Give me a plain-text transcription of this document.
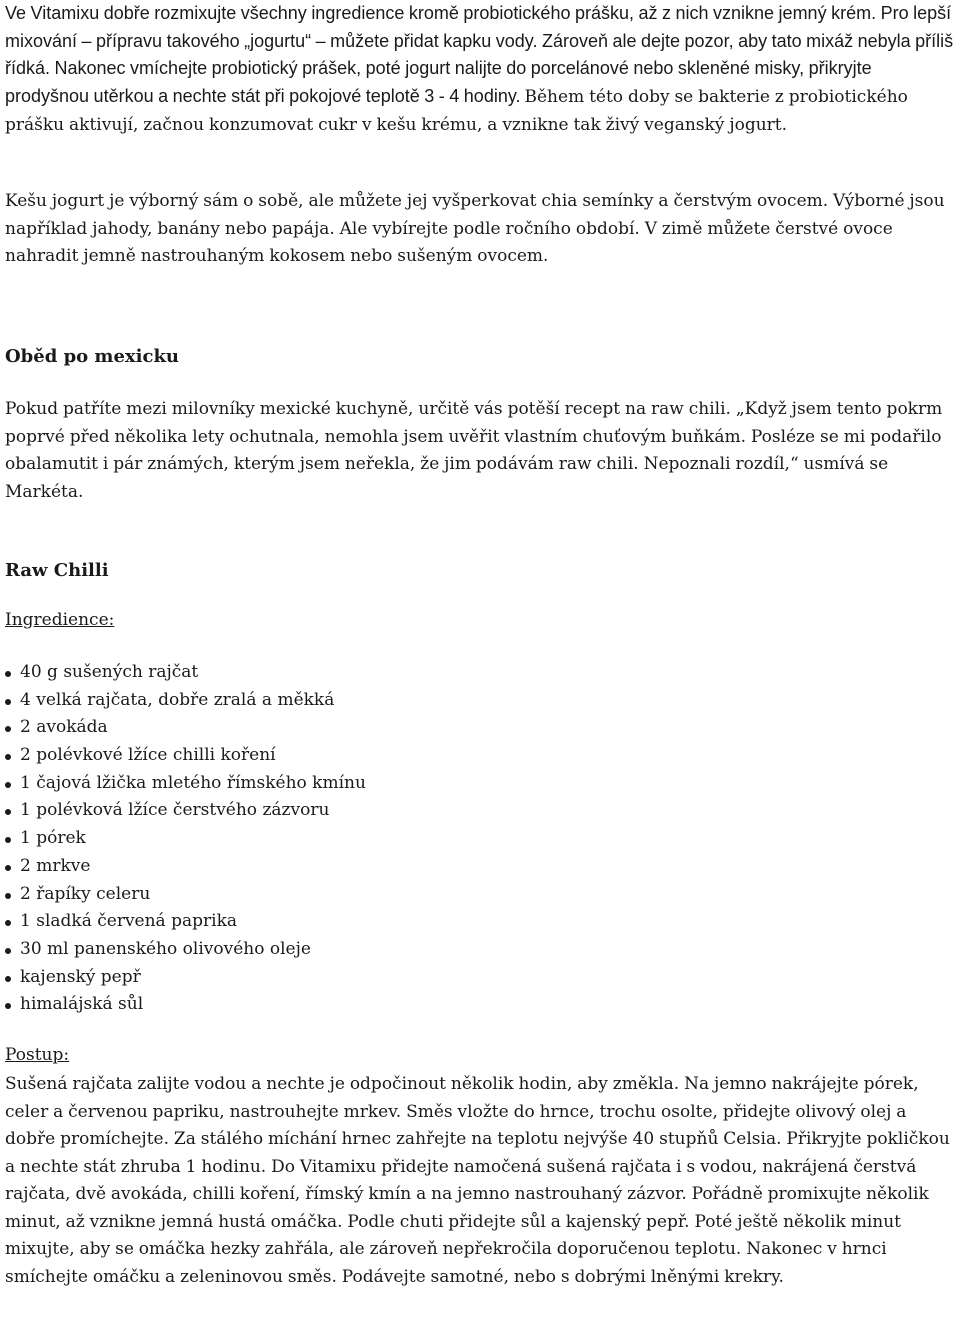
Ve Vitamixu dobře rozmixujte všechny ingredience kromě probiotického prášku, až z nich vznikne jemný krém. Pro lepší mixování – přípravu takového „jogurtu“ – můžete přidat kapku vody. Zároveň ale dejte pozor, aby tato mixáž nebyla příliš řídká. Nakonec vmíchejte probiotický prášek, poté jogurt nalijte do porcelánové nebo skleněné misky, přikryjte prodyšnou utěrkou a nechte stát při pokojové teplotě 3 - 4 hodiny. Během této doby se bakterie z probiotického prášku aktivují, začnou konzumovat cukr v kešu krému, a vznikne tak živý veganský jogurt.

Kešu jogurt je výborný sám o sobě, ale můžete jej vyšperkovat chia semínky a čerstvým ovocem. Výborné jsou například jahody, banány nebo papája. Ale vybírejte podle ročního období. V zimě můžete čerstvé ovoce nahradit jemně nastrouhaným kokosem nebo sušeným ovocem.

Oběd po mexicku

Pokud patříte mezi milovníky mexické kuchyně, určitě vás potěší recept na raw chili. „Když jsem tento pokrm poprvé před několika lety ochutnala, nemohla jsem uvěřit vlastním chuťovým buňkám. Posléze se mi podařilo obalamutit i pár známých, kterým jsem neřekla, že jim podávám raw chili. Nepoznali rozdíl,“ usmívá se Markéta.

Raw Chilli

Ingredience:

40 g sušených rajčat
4 velká rajčata, dobře zralá a měkká
2 avokáda
2 polévkové lžíce chilli koření
1 čajová lžička mletého římského kmínu
1 polévková lžíce čerstvého zázvoru
1 pórek
2 mrkve
2 řapíky celeru
1 sladká červená paprika
30 ml panenského olivového oleje
kajenský pepř
himalájská sůl

Postup:

Sušená rajčata zalijte vodou a nechte je odpočinout několik hodin, aby změkla. Na jemno nakrájejte pórek, celer a červenou papriku, nastrouhejte mrkev. Směs vložte do hrnce, trochu osolte, přidejte olivový olej a dobře promíchejte. Za stálého míchání hrnec zahřejte na teplotu nejvýše 40 stupňů Celsia. Přikryjte pokličkou a nechte stát zhruba 1 hodinu. Do Vitamixu přidejte namočená sušená rajčata i s vodou, nakrájená čerstvá rajčata, dvě avokáda, chilli koření, římský kmín a na jemno nastrouhaný zázvor. Pořádně promixujte několik minut, až vznikne jemná hustá omáčka. Podle chuti přidejte sůl a kajenský pepř. Poté ještě několik minut mixujte, aby se omáčka hezky zahřála, ale zároveň nepřekročila doporučenou teplotu. Nakonec v hrnci smíchejte omáčku a zeleninovou směs. Podávejte samotné, nebo s dobrými lněnými krekry.
